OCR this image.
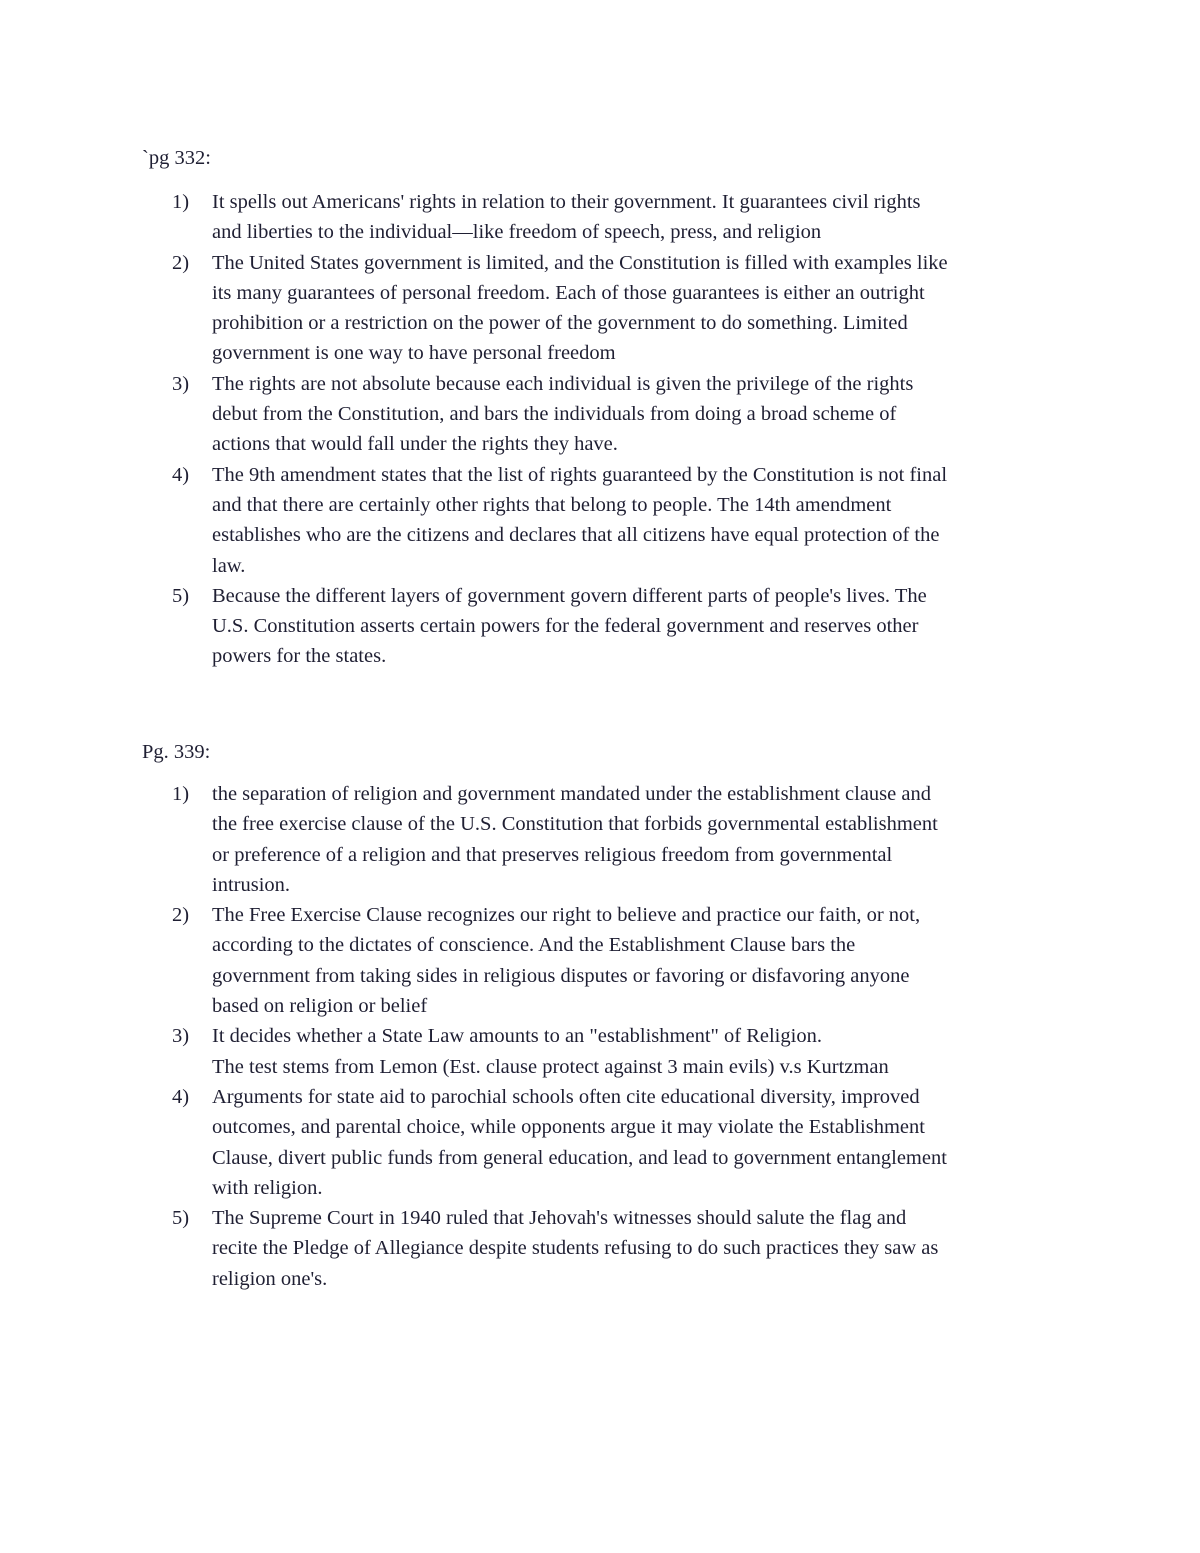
`pg 332:
1) It spells out Americans' rights in relation to their government. It guarantees civil rights
and liberties to the individual—like freedom of speech, press, and religion
2) The United States government is limited, and the Constitution is filled with examples like
its many guarantees of personal freedom. Each of those guarantees is either an outright
prohibition or a restriction on the power of the government to do something. Limited
government is one way to have personal freedom
3) The rights are not absolute because each individual is given the privilege of the rights
debut from the Constitution, and bars the individuals from doing a broad scheme of
actions that would fall under the rights they have.
4) The 9th amendment states that the list of rights guaranteed by the Constitution is not final
and that there are certainly other rights that belong to people. The 14th amendment
establishes who are the citizens and declares that all citizens have equal protection of the
law.
5) Because the different layers of government govern different parts of people's lives. The
U.S. Constitution asserts certain powers for the federal government and reserves other
powers for the states.
Pg. 339:
1) the separation of religion and government mandated under the establishment clause and
the free exercise clause of the U.S. Constitution that forbids governmental establishment
or preference of a religion and that preserves religious freedom from governmental
intrusion.
2) The Free Exercise Clause recognizes our right to believe and practice our faith, or not,
according to the dictates of conscience. And the Establishment Clause bars the
government from taking sides in religious disputes or favoring or disfavoring anyone
based on religion or belief
3) It decides whether a State Law amounts to an "establishment" of Religion.
The test stems from Lemon (Est. clause protect against 3 main evils) v.s Kurtzman
4) Arguments for state aid to parochial schools often cite educational diversity, improved
outcomes, and parental choice, while opponents argue it may violate the Establishment
Clause, divert public funds from general education, and lead to government entanglement
with religion.
5) The Supreme Court in 1940 ruled that Jehovah's witnesses should salute the flag and
recite the Pledge of Allegiance despite students refusing to do such practices they saw as
religion one's.
